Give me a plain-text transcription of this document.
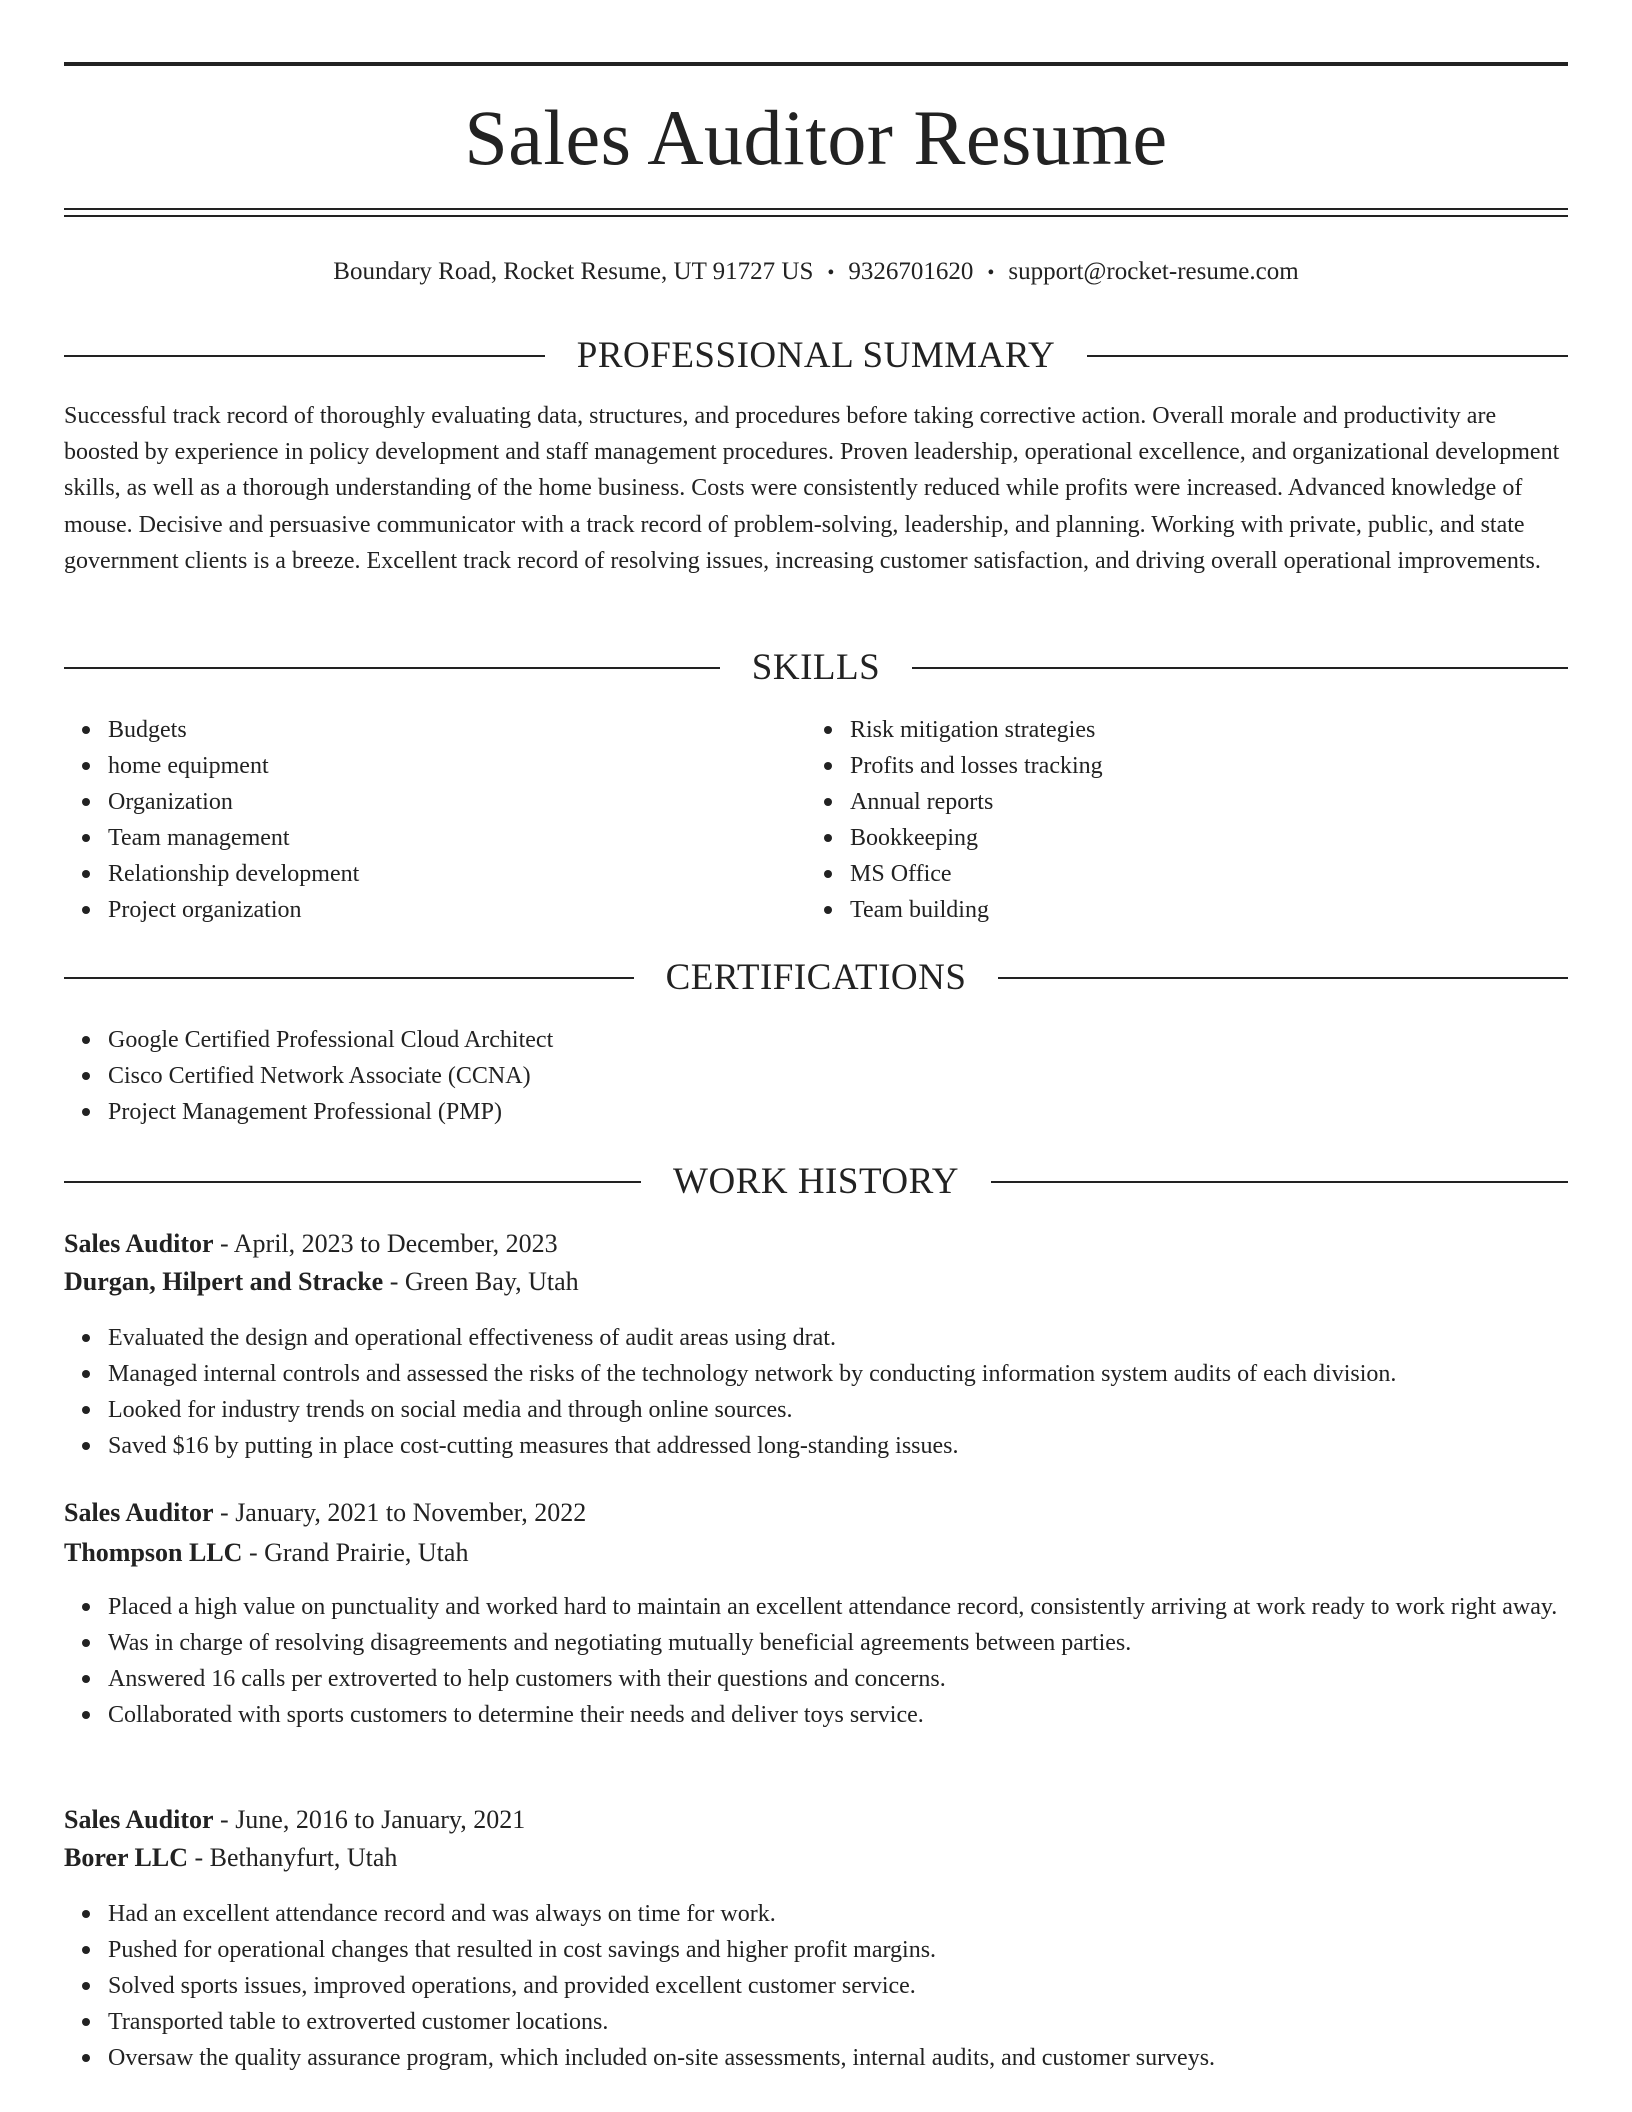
Sales Auditor Resume
Boundary Road, Rocket Resume, UT 91727 US • 9326701620 • support@rocket-resume.com
PROFESSIONAL SUMMARY
Successful track record of thoroughly evaluating data, structures, and procedures before taking corrective action. Overall morale and productivity are boosted by experience in policy development and staff management procedures. Proven leadership, operational excellence, and organizational development skills, as well as a thorough understanding of the home business. Costs were consistently reduced while profits were increased. Advanced knowledge of mouse. Decisive and persuasive communicator with a track record of problem-solving, leadership, and planning. Working with private, public, and state government clients is a breeze. Excellent track record of resolving issues, increasing customer satisfaction, and driving overall operational improvements.
SKILLS
Budgets
home equipment
Organization
Team management
Relationship development
Project organization
Risk mitigation strategies
Profits and losses tracking
Annual reports
Bookkeeping
MS Office
Team building
CERTIFICATIONS
Google Certified Professional Cloud Architect
Cisco Certified Network Associate (CCNA)
Project Management Professional (PMP)
WORK HISTORY
Sales Auditor - April, 2023 to December, 2023
Durgan, Hilpert and Stracke - Green Bay, Utah
Evaluated the design and operational effectiveness of audit areas using drat.
Managed internal controls and assessed the risks of the technology network by conducting information system audits of each division.
Looked for industry trends on social media and through online sources.
Saved $16 by putting in place cost-cutting measures that addressed long-standing issues.
Sales Auditor - January, 2021 to November, 2022
Thompson LLC - Grand Prairie, Utah
Placed a high value on punctuality and worked hard to maintain an excellent attendance record, consistently arriving at work ready to work right away.
Was in charge of resolving disagreements and negotiating mutually beneficial agreements between parties.
Answered 16 calls per extroverted to help customers with their questions and concerns.
Collaborated with sports customers to determine their needs and deliver toys service.
Sales Auditor - June, 2016 to January, 2021
Borer LLC - Bethanyfurt, Utah
Had an excellent attendance record and was always on time for work.
Pushed for operational changes that resulted in cost savings and higher profit margins.
Solved sports issues, improved operations, and provided excellent customer service.
Transported table to extroverted customer locations.
Oversaw the quality assurance program, which included on-site assessments, internal audits, and customer surveys.
